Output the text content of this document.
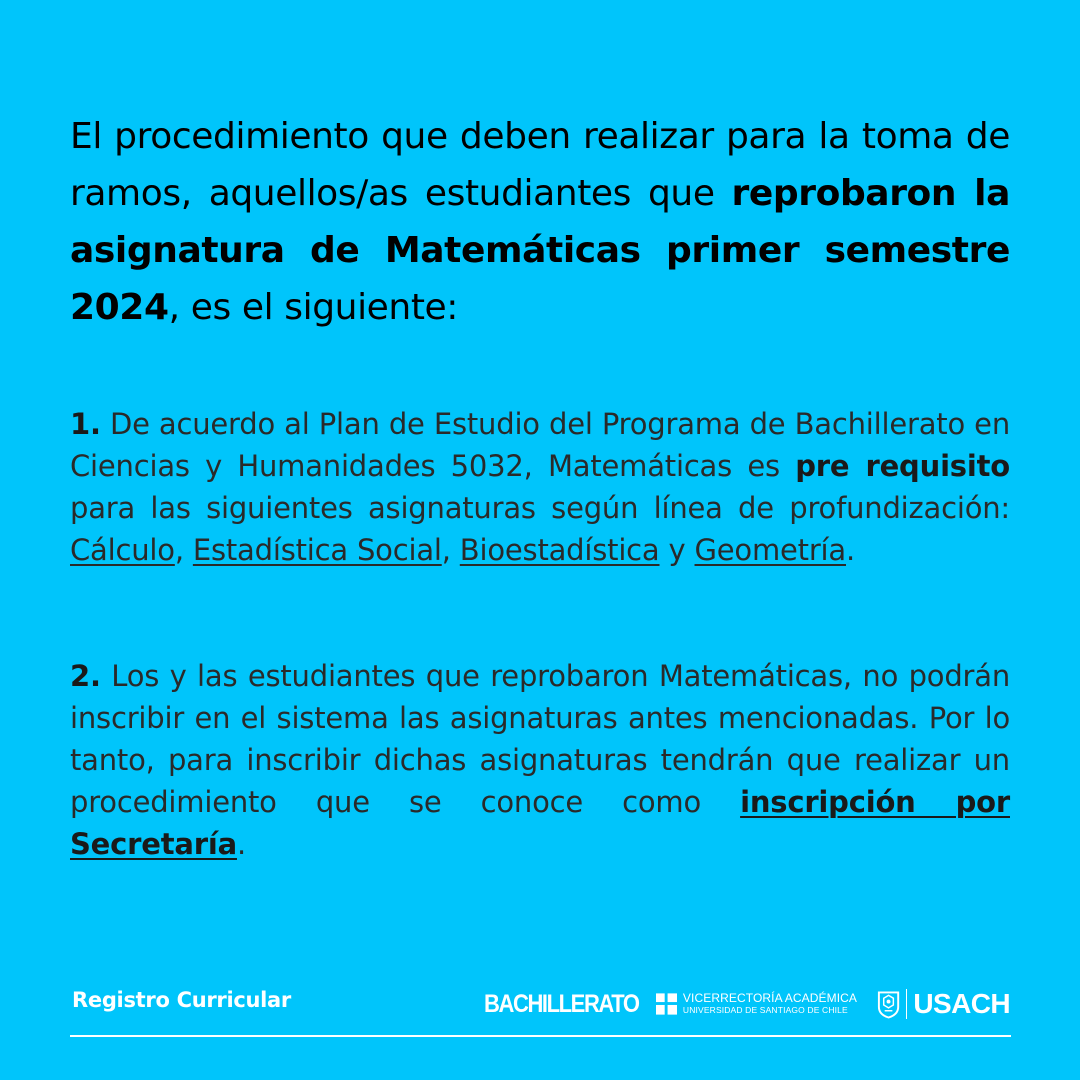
El procedimiento que deben realizar para la toma de ramos, aquellos/as estudiantes que reprobaron la asignatura de Matemáticas primer semestre 2024, es el siguiente:

1. De acuerdo al Plan de Estudio del Programa de Bachillerato en Ciencias y Humanidades 5032, Matemáticas es pre requisito para las siguientes asignaturas según línea de profundización: Cálculo, Estadística Social, Bioestadística y Geometría.

2. Los y las estudiantes que reprobaron Matemáticas, no podrán inscribir en el sistema las asignaturas antes mencionadas. Por lo tanto, para inscribir dichas asignaturas tendrán que realizar un procedimiento que se conoce como inscripción por Secretaría.

Registro Curricular	BACHILLERATO	VICERRECTORÍA ACADÉMICA
UNIVERSIDAD DE SANTIAGO DE CHILE	USACH
